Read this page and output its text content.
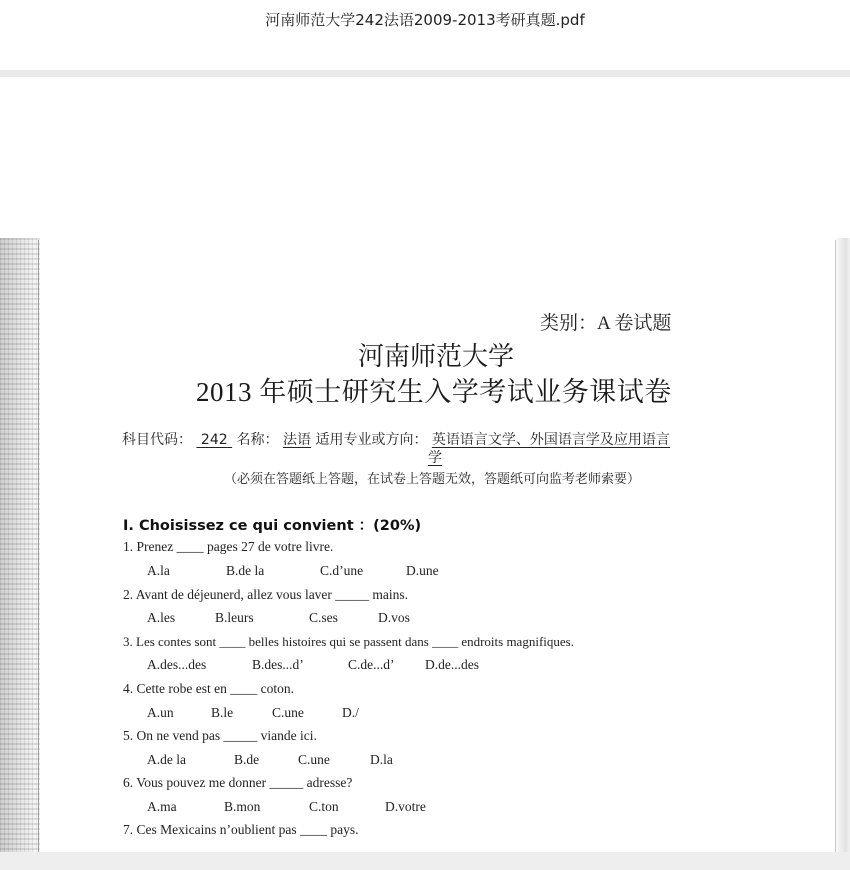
河南师范大学242法语2009-2013考研真题.pdf
类别：A 卷试题
河南师范大学
2013 年硕士研究生入学考试业务课试卷
科目代码： 242 名称： 法语 适用专业或方向： 英语语言文学、外国语言学及应用语言
学
（必须在答题纸上答题，在试卷上答题无效，答题纸可向监考老师索要）
I. Choisissez ce qui convient ：(20%)
1. Prenez ____ pages 27 de votre livre.
A.la	B.de la	C.d’une	D.une
2. Avant de déjeunerd, allez vous laver _____ mains.
A.les	B.leurs	C.ses	D.vos
3. Les contes sont ____ belles histoires qui se passent dans ____ endroits magnifiques.
A.des...des	B.des...d’	C.de...d’ D.de...des
4. Cette robe est en ____ coton.
A.un	B.le	C.une	D./
5. On ne vend pas _____ viande ici.
A.de la	B.de	C.une	D.la
6. Vous pouvez me donner _____ adresse?
A.ma	B.mon	C.ton	D.votre
7. Ces Mexicains n’oublient pas ____ pays.
